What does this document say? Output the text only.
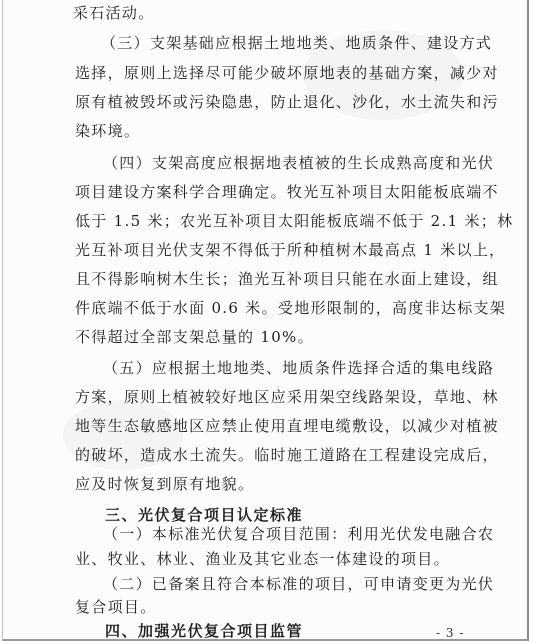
采石活动。
（三）支架基础应根据土地地类、地质条件、建设方式
选择，原则上选择尽可能少破坏原地表的基础方案，减少对
原有植被毁坏或污染隐患，防止退化、沙化，水土流失和污
染环境。
（四）支架高度应根据地表植被的生长成熟高度和光伏
项目建设方案科学合理确定。牧光互补项目太阳能板底端不
低于 1.5 米；农光互补项目太阳能板底端不低于 2.1 米；林
光互补项目光伏支架不得低于所种植树木最高点 1 米以上，
且不得影响树木生长；渔光互补项目只能在水面上建设，组
件底端不低于水面 0.6 米。受地形限制的，高度非达标支架
不得超过全部支架总量的 10%。
（五）应根据土地地类、地质条件选择合适的集电线路
方案，原则上植被较好地区应采用架空线路架设，草地、林
地等生态敏感地区应禁止使用直埋电缆敷设，以减少对植被
的破坏，造成水土流失。临时施工道路在工程建设完成后，
应及时恢复到原有地貌。
三、光伏复合项目认定标准
（一）本标准光伏复合项目范围：利用光伏发电融合农
业、牧业、林业、渔业及其它业态一体建设的项目。
（二）已备案且符合本标准的项目，可申请变更为光伏
复合项目。
四、加强光伏复合项目监管	- 3 -
